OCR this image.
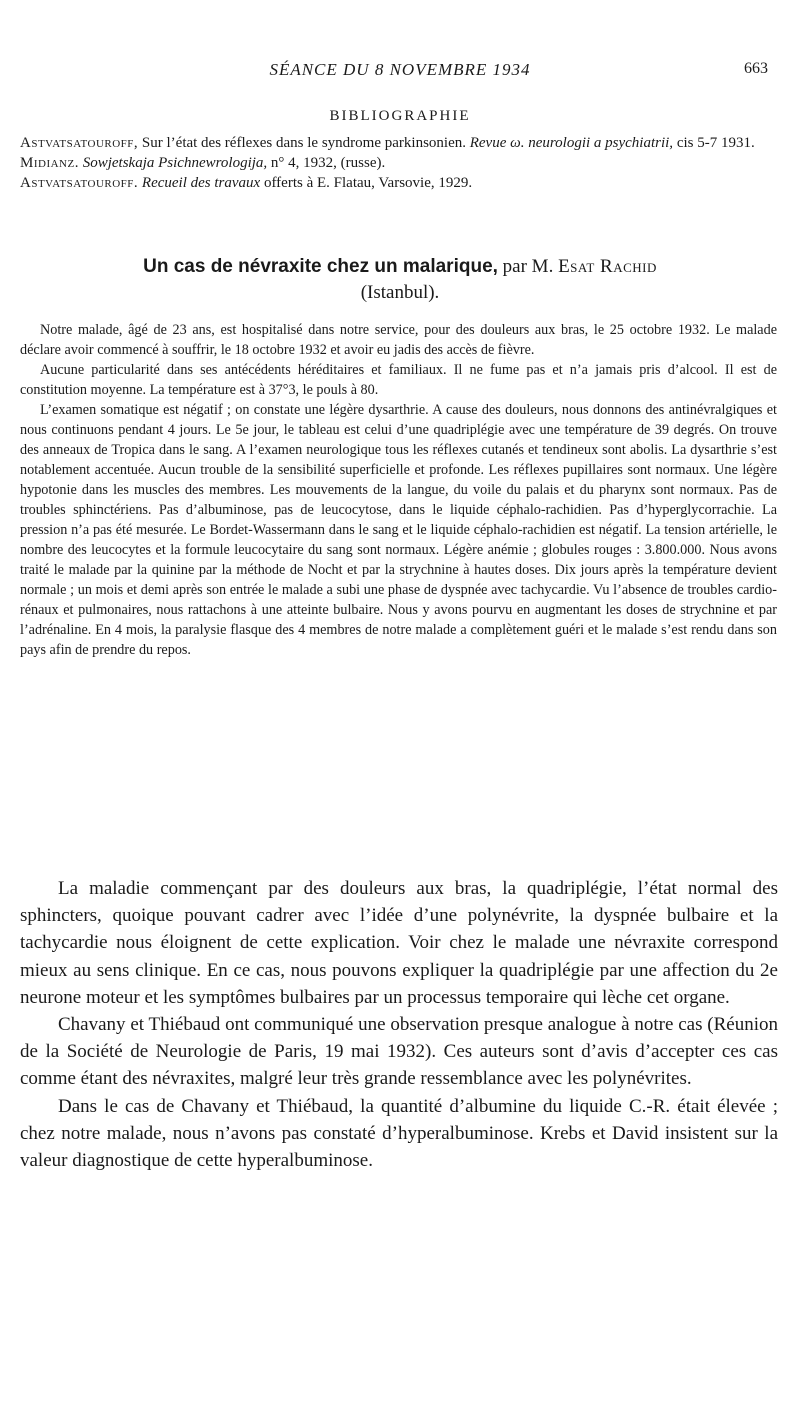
SÉANCE DU 8 NOVEMBRE 1934	663
BIBLIOGRAPHIE

Astvatsatouroff, Sur l’état des réflexes dans le syndrome parkinsonien. Revue ω. neurologii a psychiatrii, cis 5-7 1931.

Midianz. Sowjetskaja Psichnewrologija, n° 4, 1932, (russe).

Astvatsatouroff. Recueil des travaux offerts à E. Flatau, Varsovie, 1929.

Un cas de névraxite chez un malarique, par M. Esat Rachid
(Istanbul).

Notre malade, âgé de 23 ans, est hospitalisé dans notre service, pour des douleurs aux bras, le 25 octobre 1932. Le malade déclare avoir commencé à souffrir, le 18 octobre 1932 et avoir eu jadis des accès de fièvre.

Aucune particularité dans ses antécédents héréditaires et familiaux. Il ne fume pas et n’a jamais pris d’alcool. Il est de constitution moyenne. La température est à 37°3, le pouls à 80.

L’examen somatique est négatif ; on constate une légère dysarthrie. A cause des douleurs, nous donnons des antinévralgiques et nous continuons pendant 4 jours. Le 5e jour, le tableau est celui d’une quadriplégie avec une température de 39 degrés. On trouve des anneaux de Tropica dans le sang. A l’examen neurologique tous les réflexes cutanés et tendineux sont abolis. La dysarthrie s’est notablement accentuée. Aucun trouble de la sensibilité superficielle et profonde. Les réflexes pupillaires sont normaux. Une légère hypotonie dans les muscles des membres. Les mouvements de la langue, du voile du palais et du pharynx sont normaux. Pas de troubles sphinctériens. Pas d’albuminose, pas de leucocytose, dans le liquide céphalo-rachidien. Pas d’hyperglycorrachie. La pression n’a pas été mesurée. Le Bordet-Wassermann dans le sang et le liquide céphalo-rachidien est négatif. La tension artérielle, le nombre des leucocytes et la formule leucocytaire du sang sont normaux. Légère anémie ; globules rouges : 3.800.000. Nous avons traité le malade par la quinine par la méthode de Nocht et par la strychnine à hautes doses. Dix jours après la température devient normale ; un mois et demi après son entrée le malade a subi une phase de dyspnée avec tachycardie. Vu l’absence de troubles cardio-rénaux et pulmonaires, nous rattachons à une atteinte bulbaire. Nous y avons pourvu en augmentant les doses de strychnine et par l’adrénaline. En 4 mois, la paralysie flasque des 4 membres de notre malade a complètement guéri et le malade s’est rendu dans son pays afin de prendre du repos.

La maladie commençant par des douleurs aux bras, la quadriplégie, l’état normal des sphincters, quoique pouvant cadrer avec l’idée d’une polynévrite, la dyspnée bulbaire et la tachycardie nous éloignent de cette explication. Voir chez le malade une névraxite correspond mieux au sens clinique. En ce cas, nous pouvons expliquer la quadriplégie par une affection du 2e neurone moteur et les symptômes bulbaires par un processus temporaire qui lèche cet organe.

Chavany et Thiébaud ont communiqué une observation presque analogue à notre cas (Réunion de la Société de Neurologie de Paris, 19 mai 1932). Ces auteurs sont d’avis d’accepter ces cas comme étant des névraxites, malgré leur très grande ressemblance avec les polynévrites.

Dans le cas de Chavany et Thiébaud, la quantité d’albumine du liquide C.-R. était élevée ; chez notre malade, nous n’avons pas constaté d’hyperalbuminose. Krebs et David insistent sur la valeur diagnostique de cette hyperalbuminose.
